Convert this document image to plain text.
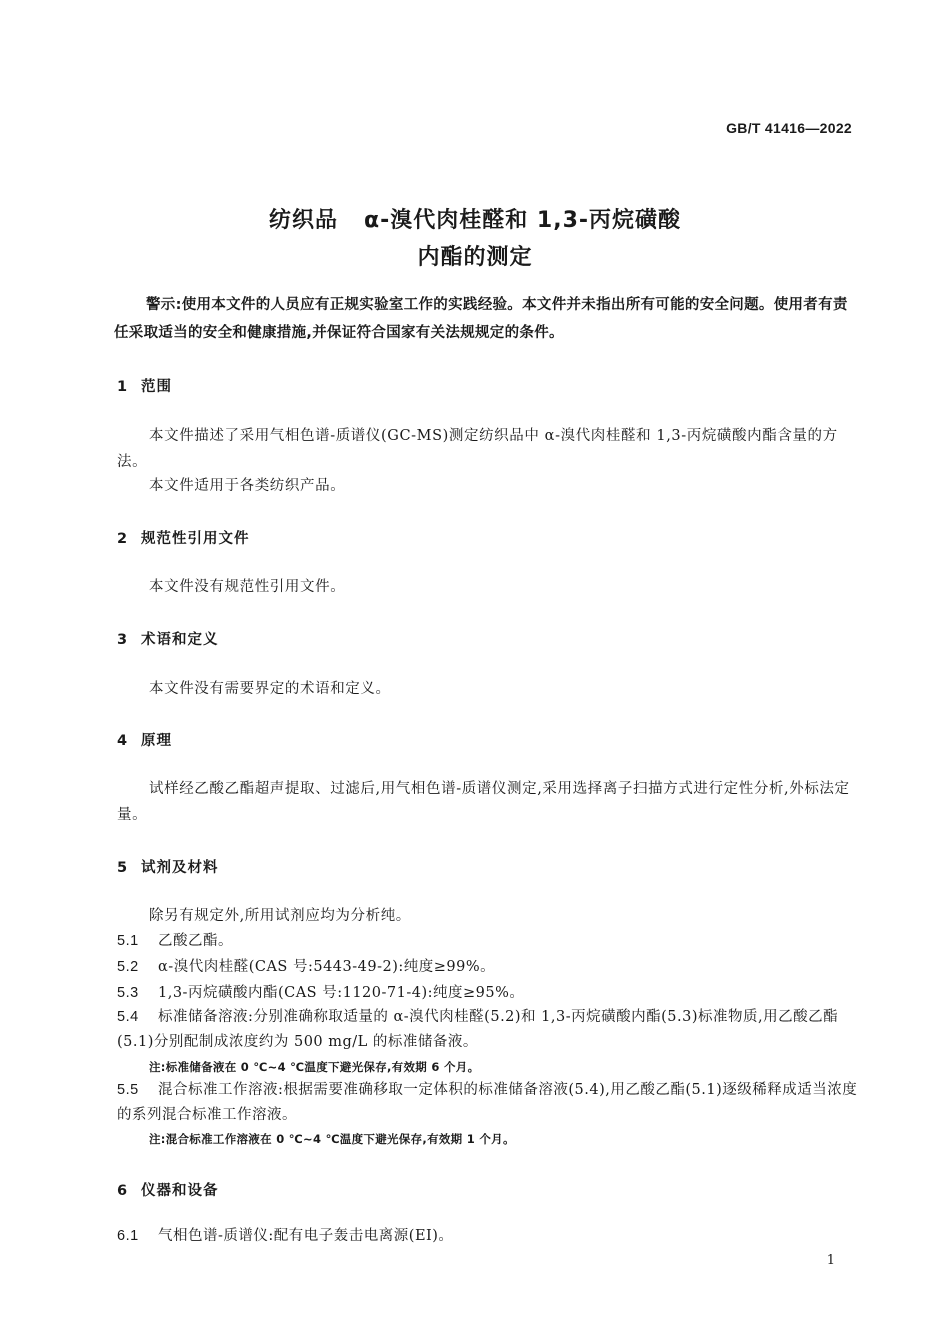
GB/T 41416—2022
纺织品 α-溴代肉桂醛和 1,3-丙烷磺酸
内酯的测定

警示:使用本文件的人员应有正规实验室工作的实践经验。本文件并未指出所有可能的安全问题。使用者有责任采取适当的安全和健康措施,并保证符合国家有关法规规定的条件。

1 范围

本文件描述了采用气相色谱-质谱仪(GC-MS)测定纺织品中 α-溴代肉桂醛和 1,3-丙烷磺酸内酯含量的方法。

本文件适用于各类纺织产品。

2 规范性引用文件

本文件没有规范性引用文件。

3 术语和定义

本文件没有需要界定的术语和定义。

4 原理

试样经乙酸乙酯超声提取、过滤后,用气相色谱-质谱仪测定,采用选择离子扫描方式进行定性分析,外标法定量。

5 试剂及材料

除另有规定外,所用试剂应均为分析纯。

5.1 乙酸乙酯。

5.2 α-溴代肉桂醛(CAS 号:5443-49-2):纯度≥99%。

5.3 1,3-丙烷磺酸内酯(CAS 号:1120-71-4):纯度≥95%。

5.4 标准储备溶液:分别准确称取适量的 α-溴代肉桂醛(5.2)和 1,3-丙烷磺酸内酯(5.3)标准物质,用乙酸乙酯(5.1)分别配制成浓度约为 500 mg/L 的标准储备液。

注:标准储备液在 0 ℃~4 ℃温度下避光保存,有效期 6 个月。

5.5 混合标准工作溶液:根据需要准确移取一定体积的标准储备溶液(5.4),用乙酸乙酯(5.1)逐级稀释成适当浓度的系列混合标准工作溶液。

注:混合标准工作溶液在 0 ℃~4 ℃温度下避光保存,有效期 1 个月。
6 仪器和设备

6.1 气相色谱-质谱仪:配有电子轰击电离源(EI)。

1
